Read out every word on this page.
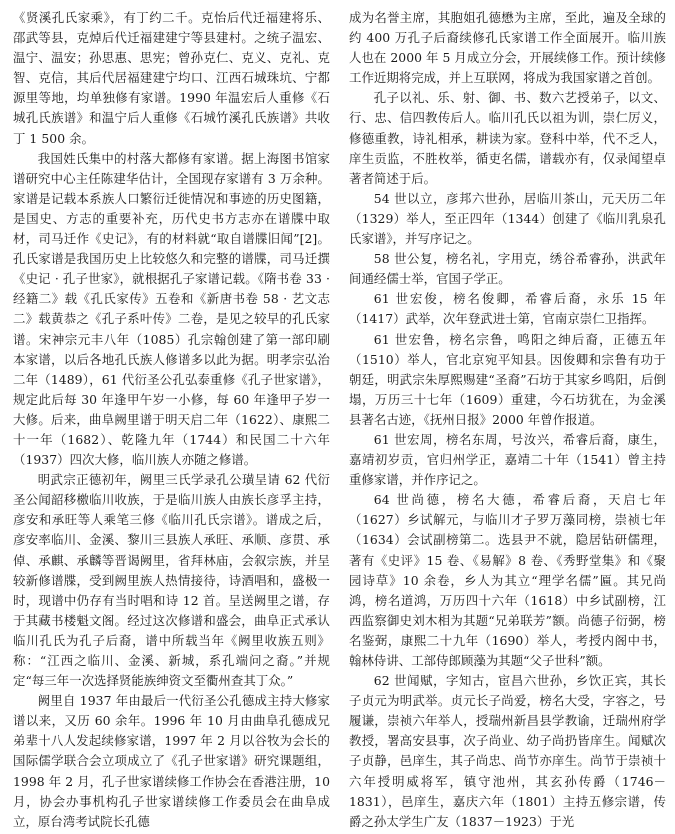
《贤溪孔氏家乘》，有丁约二千。克怡后代迁福建将乐、邵武等县，克焯后代迁福建建宁等县建村。之统子温宏、温宁、温安；孙思惠、思宪；曾孙克仁、克义、克礼、克智、克信，其后代居福建建宁均口、江西石城珠坑、宁都源里等地，均单独修有家谱。1990 年温宏后人重修《石城孔氏族谱》和温宁后人重修《石城竹溪孔氏族谱》共收丁 1 500 余。

我国姓氏集中的村落大都修有家谱。据上海图书馆家谱研究中心主任陈建华估计，全国现存家谱有 3 万余种。家谱是记载本系族人口繁衍迁徙情况和事迹的历史图籍，是国史、方志的重要补充，历代史书方志亦在谱牒中取材，司马迁作《史记》，有的材料就“取自谱牒旧闻”[2]。孔氏家谱是我国历史上比较悠久和完整的谱牒，司马迁撰《史记 · 孔子世家》，就根据孔子家谱记载。《隋书卷 33 · 经籍二》载《孔氏家传》五卷和《新唐书卷 58 · 艺文志二》载黄恭之《孔子系叶传》二卷，是见之较早的孔氏家谱。宋神宗元丰八年（1085）孔宗翰创建了第一部印刷本家谱，以后各地孔氏族人修谱多以此为据。明孝宗弘治二年（1489），61 代衍圣公孔弘泰重修《孔子世家谱》，规定此后每 30 年逢甲午岁一小修，每 60 年逢甲子岁一大修。后来，曲阜阙里谱于明天启二年（1622）、康熙二十一年（1682）、乾隆九年（1744）和民国二十六年（1937）四次大修，临川族人亦随之修谱。

明武宗正德初年，阙里三氏学录孔公璜呈请 62 代衍圣公闻韶移檄临川收族，于是临川族人由族长彦孚主持，彦安和承旺等人乘笔三修《临川孔氏宗谱》。谱成之后，彦安率临川、金溪、黎川三县族人承旺、承顺、彦贯、承倬、承麒、承麟等晋谒阙里，省拜林庙，会叙宗族，并呈较新修谱牒，受到阙里族人热情接待，诗酒唱和，盛极一时，现谱中仍存有当时唱和诗 12 首。呈送阙里之谱，存于其藏书楼魁文阁。经过这次修谱和盛会，曲阜正式承认临川孔氏为孔子后裔，谱中所载当年《阙里收族五则》称：“江西之临川、金溪、新城，系孔端问之裔。”并规定“每三年一次选择贤能族绅资文至衢州查其丁众。”

阙里自 1937 年由最后一代衍圣公孔德成主持大修家谱以来，又历 60 余年。1996 年 10 月由曲阜孔德成兄弟辈十八人发起续修家谱，1997 年 2 月以谷牧为会长的国际儒学联合会立项成立了《孔子世家谱》研究课题组，1998 年 2 月，孔子世家谱续修工作协会在香港注册，10 月，协会办事机构孔子世家谱续修工作委员会在曲阜成立，原台湾考试院长孔德

成为名誉主席，其胞姐孔德懋为主席，至此，遍及全球的约 400 万孔子后裔续修孔氏家谱工作全面展开。临川族人也在 2000 年 5 月成立分会，开展续修工作。预计续修工作近期将完成，并上互联网，将成为我国家谱之首创。

孔子以礼、乐、射、御、书、数六艺授弟子，以文、行、忠、信四教传后人。临川孔氏以祖为训，崇仁厉义，修德重教，诗礼相承，耕读为家。登科中举，代不乏人，庠生贡监，不胜枚举，循吏名儒，谱载亦有，仅录闻望卓著者简述于后。

54 世以立，彦邦六世孙，居临川茶山，元天历二年（1329）举人，至正四年（1344）创建了《临川乳泉孔氏家谱》，并写序记之。

58 世公复，榜名礼，字用克，绣谷希睿孙，洪武年间通经儒士举，官国子学正。

61 世宏俊，榜名俊卿，希睿后裔，永乐 15 年（1417）武举，次年登武进士第，官南京崇仁卫指挥。

61 世宏鲁，榜名宗鲁，鸣阳之绅后裔，正德五年（1510）举人，官北京宛平知县。因俊卿和宗鲁有功于朝廷，明武宗朱厚熙赐建“圣裔”石坊于其家乡鸣阳，后倒塌，万历三十七年（1609）重建，今石坊犹在，为金溪县著名古迹，《抚州日报》2000 年曾作报道。

61 世宏周，榜名东周，号汝兴，希睿后裔，康生，嘉靖初岁贡，官归州学正，嘉靖二十年（1541）曾主持重修家谱，并作序记之。

64 世尚德，榜名大德，希睿后裔，天启七年（1627）乡试解元，与临川才子罗万藻同榜，崇祯七年（1634）会试副榜第二。选县尹不就，隐居钻研儒理，著有《史评》15 卷、《易解》8 卷、《秀野堂集》和《聚园诗草》10 余卷，乡人为其立“理学名儒”匾。其兄尚鸿，榜名道鸿，万历四十六年（1618）中乡试副榜，江西监察御史刘木相为其题“兄弟联芳”额。尚德子衍弼，榜名鉴弼，康熙二十九年（1690）举人，考授内阁中书，翰林侍讲、工部侍郎顾藻为其题“父子世科”额。

62 世闻赋，字知古，宦昌六世孙，乡饮正宾，其长子贞元为明武举。贞元长子尚爱，榜名大受，字容之，号履谦，崇祯六年举人，授瑞州新昌县学教谕，迁瑞州府学教授，署高安县事，次子尚业、幼子尚扔皆庠生。闻赋次子贞静，邑庠生，其子尚忠、尚节亦庠生。尚节于崇祯十六年授明威将军，镇守池州，其玄孙传爵（1746－1831），邑庠生，嘉庆六年（1801）主持五修宗谱，传爵之孙太学生广友（1837－1923）于光
